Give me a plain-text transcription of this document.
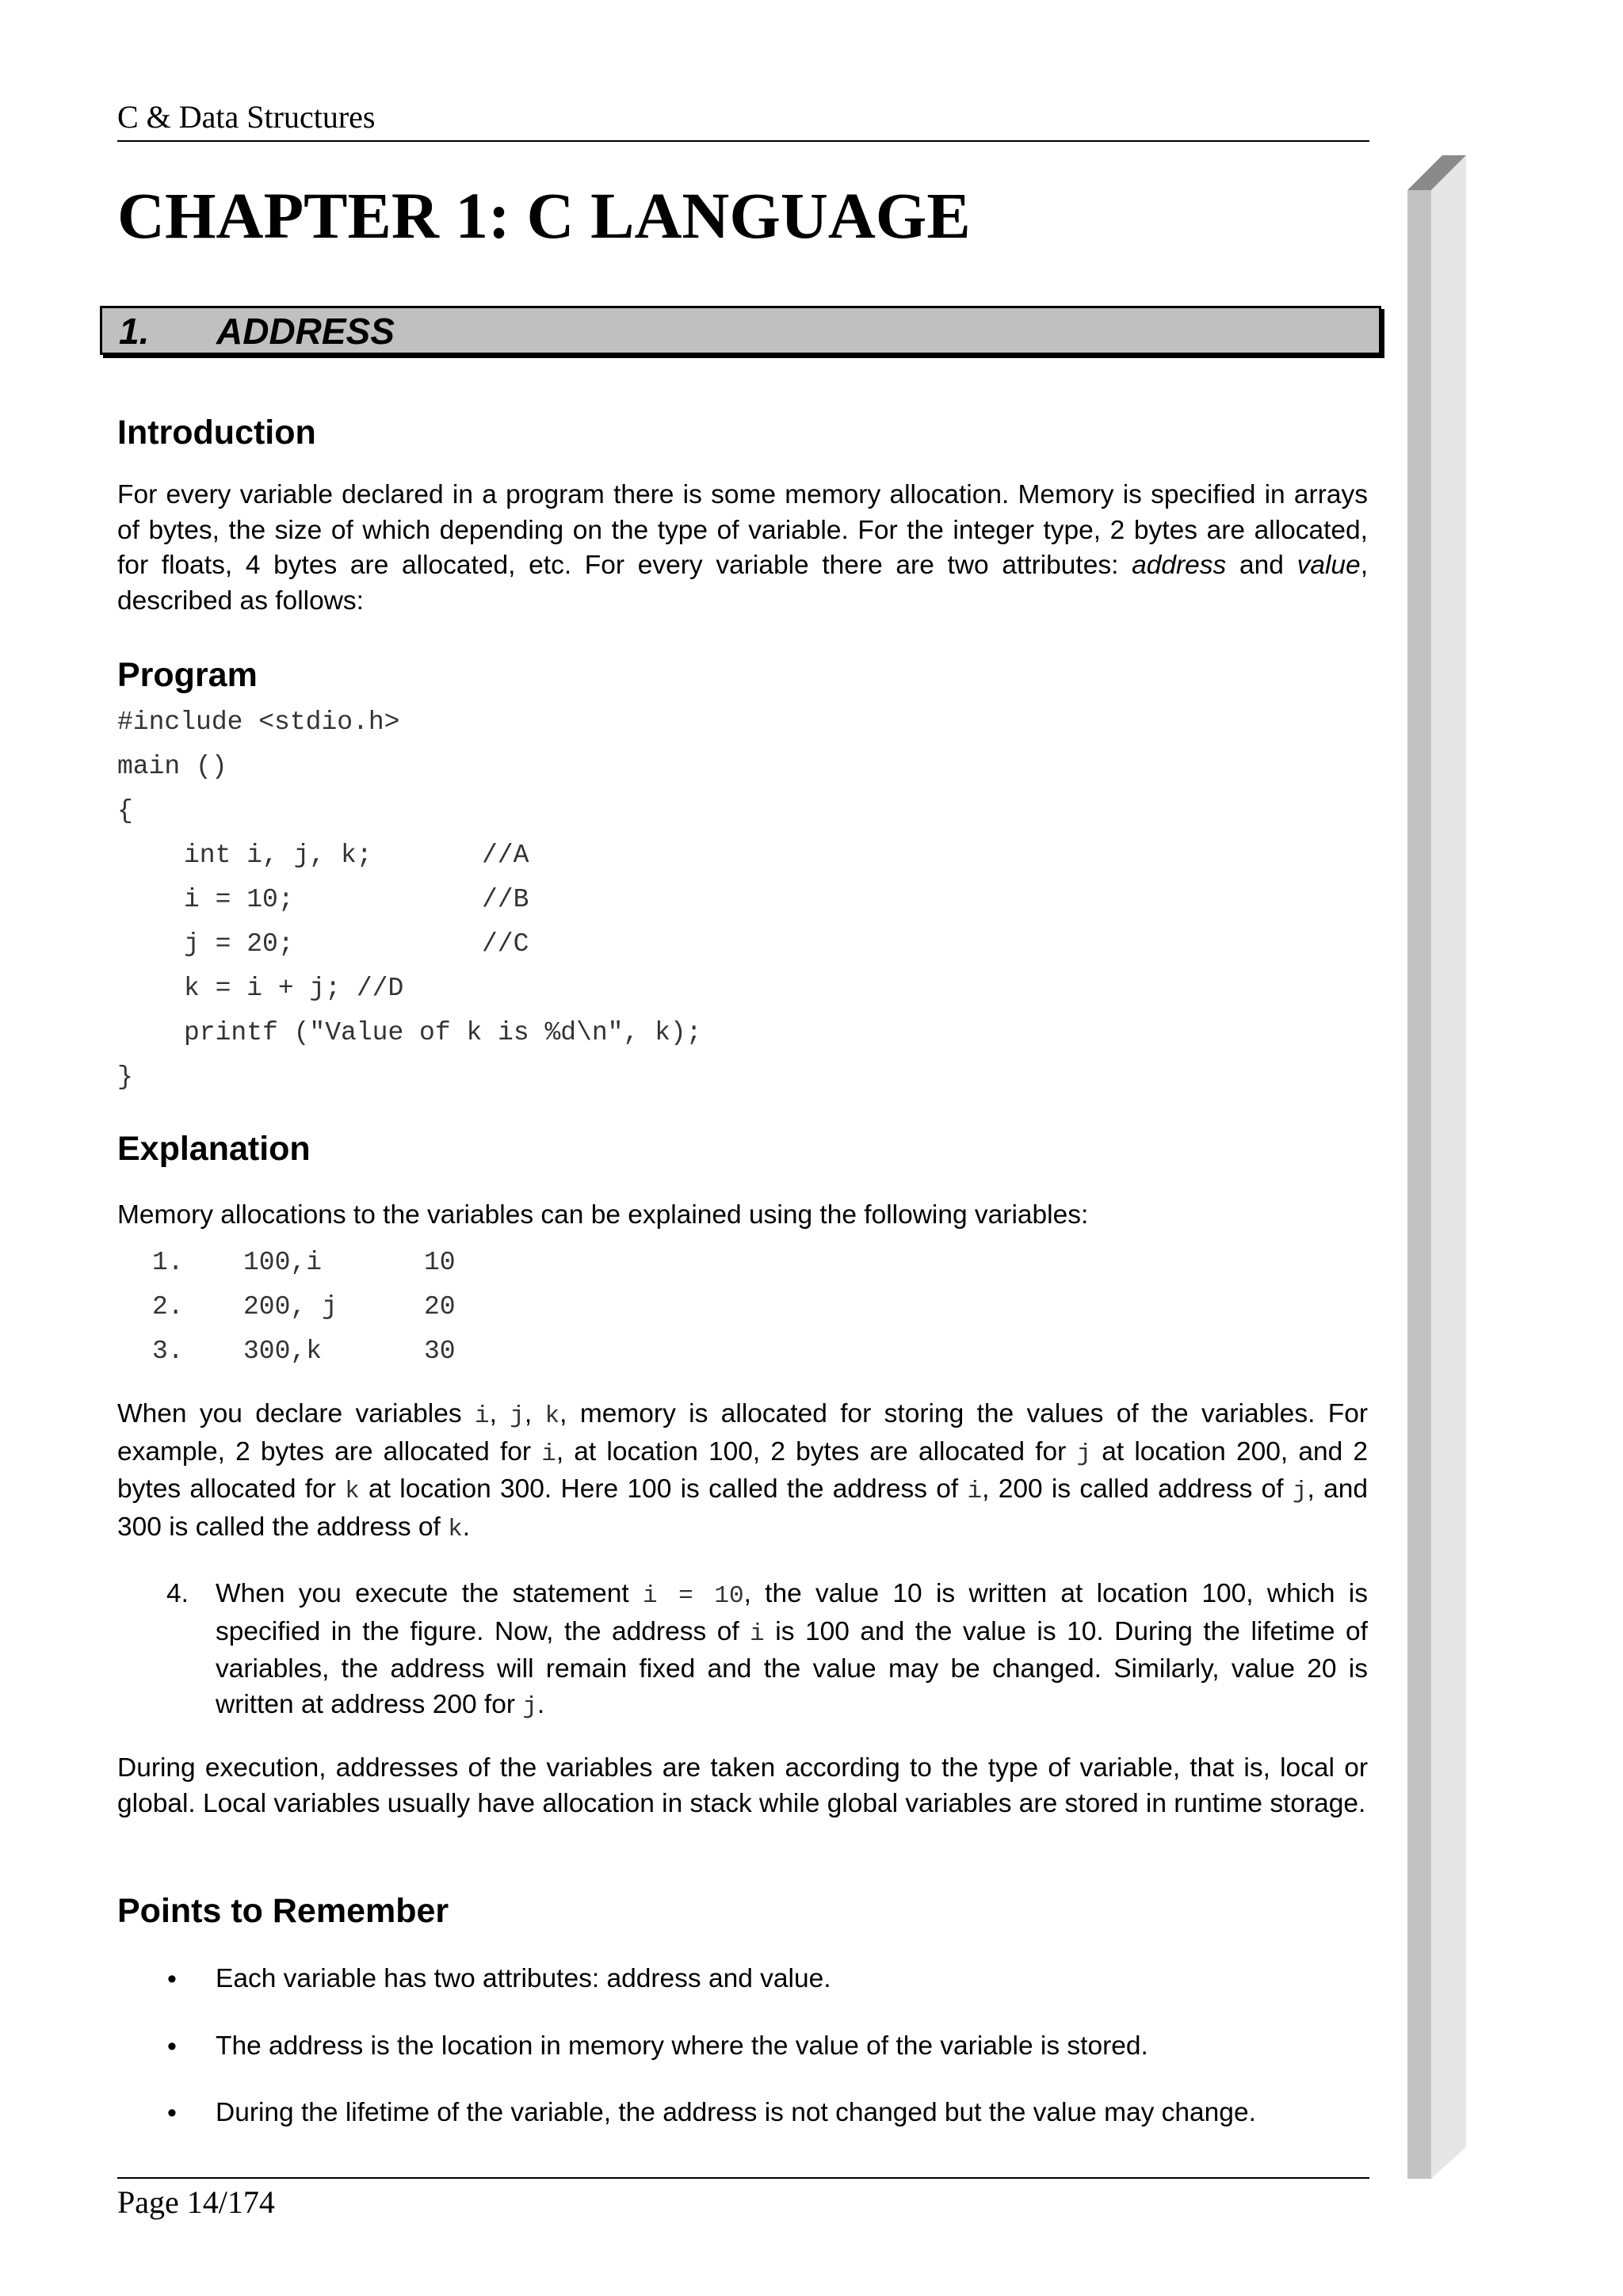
C & Data Structures
CHAPTER 1: C LANGUAGE
1. ADDRESS
Introduction
For every variable declared in a program there is some memory allocation. Memory is specified in arrays of bytes, the size of which depending on the type of variable. For the integer type, 2 bytes are allocated, for floats, 4 bytes are allocated, etc. For every variable there are two attributes: address and value, described as follows:
Program
#include <stdio.h>
main ()
{
int i, j, k;	//A
i = 10;	//B
j = 20;	//C
k = i + j; //D
printf ("Value of k is %d\n", k);
}
Explanation
Memory allocations to the variables can be explained using the following variables:
1. 100,i	10
2. 200, j	20
3. 300,k	30
When you declare variables i, j, k, memory is allocated for storing the values of the variables. For example, 2 bytes are allocated for i, at location 100, 2 bytes are allocated for j at location 200, and 2 bytes allocated for k at location 300. Here 100 is called the address of i, 200 is called address of j, and 300 is called the address of k.
4. When you execute the statement i = 10, the value 10 is written at location 100, which is specified in the figure. Now, the address of i is 100 and the value is 10. During the lifetime of variables, the address will remain fixed and the value may be changed. Similarly, value 20 is written at address 200 for j.
During execution, addresses of the variables are taken according to the type of variable, that is, local or global. Local variables usually have allocation in stack while global variables are stored in runtime storage.
Points to Remember
• Each variable has two attributes: address and value.
• The address is the location in memory where the value of the variable is stored.
• During the lifetime of the variable, the address is not changed but the value may change.
Page 14/174
